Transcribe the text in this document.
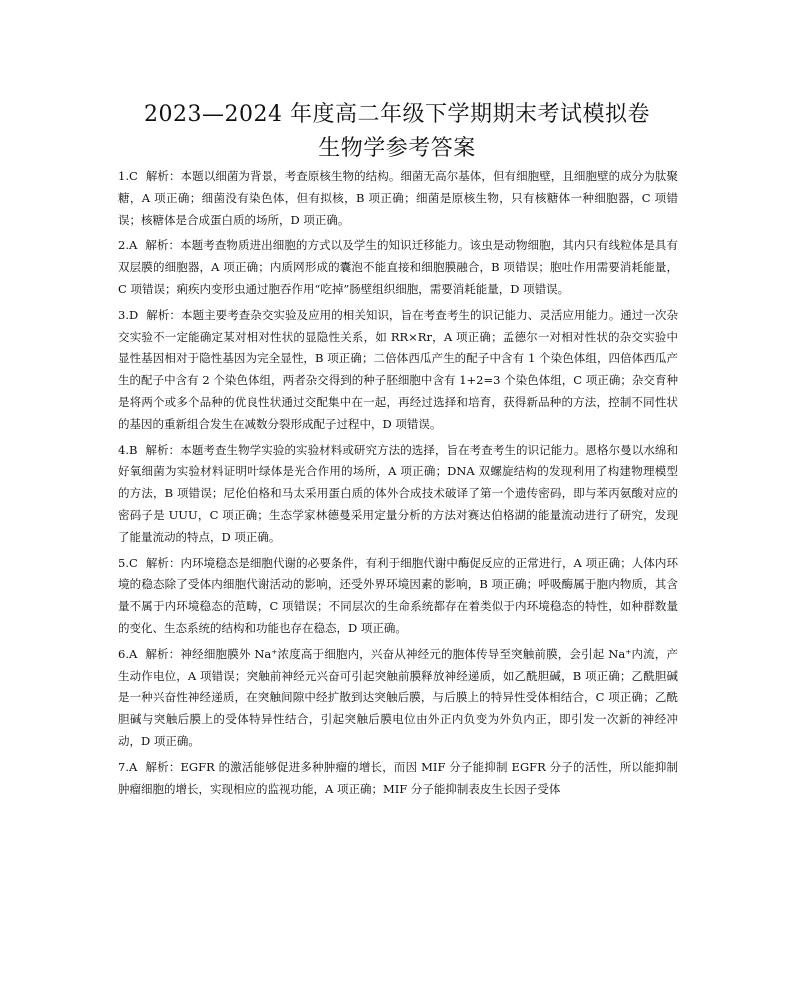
2023—2024 年度高二年级下学期期末考试模拟卷
生物学参考答案

1.C 解析：本题以细菌为背景，考查原核生物的结构。细菌无高尔基体，但有细胞壁，且细胞壁的成分为肽聚糖，A 项正确；细菌没有染色体，但有拟核，B 项正确；细菌是原核生物，只有核糖体一种细胞器，C 项错误；核糖体是合成蛋白质的场所，D 项正确。

2.A 解析：本题考查物质进出细胞的方式以及学生的知识迁移能力。该虫是动物细胞，其内只有线粒体是具有双层膜的细胞器，A 项正确；内质网形成的囊泡不能直接和细胞膜融合，B 项错误；胞吐作用需要消耗能量，C 项错误；痢疾内变形虫通过胞吞作用“吃掉”肠壁组织细胞，需要消耗能量，D 项错误。

3.D 解析：本题主要考查杂交实验及应用的相关知识，旨在考查考生的识记能力、灵活应用能力。通过一次杂交实验不一定能确定某对相对性状的显隐性关系，如 RR×Rr，A 项正确；孟德尔一对相对性状的杂交实验中显性基因相对于隐性基因为完全显性，B 项正确；二倍体西瓜产生的配子中含有 1 个染色体组，四倍体西瓜产生的配子中含有 2 个染色体组，两者杂交得到的种子胚细胞中含有 1+2=3 个染色体组，C 项正确；杂交育种是将两个或多个品种的优良性状通过交配集中在一起，再经过选择和培育，获得新品种的方法，控制不同性状的基因的重新组合发生在减数分裂形成配子过程中，D 项错误。

4.B 解析：本题考查生物学实验的实验材料或研究方法的选择，旨在考查考生的识记能力。恩格尔曼以水绵和好氧细菌为实验材料证明叶绿体是光合作用的场所，A 项正确；DNA 双螺旋结构的发现利用了构建物理模型的方法，B 项错误；尼伦伯格和马太采用蛋白质的体外合成技术破译了第一个遗传密码，即与苯丙氨酸对应的密码子是 UUU，C 项正确；生态学家林德曼采用定量分析的方法对赛达伯格湖的能量流动进行了研究，发现了能量流动的特点，D 项正确。

5.C 解析：内环境稳态是细胞代谢的必要条件，有利于细胞代谢中酶促反应的正常进行，A 项正确；人体内环境的稳态除了受体内细胞代谢活动的影响，还受外界环境因素的影响，B 项正确；呼吸酶属于胞内物质，其含量不属于内环境稳态的范畴，C 项错误；不同层次的生命系统都存在着类似于内环境稳态的特性，如种群数量的变化、生态系统的结构和功能也存在稳态，D 项正确。

6.A 解析：神经细胞膜外 Na⁺浓度高于细胞内，兴奋从神经元的胞体传导至突触前膜，会引起 Na⁺内流，产生动作电位，A 项错误；突触前神经元兴奋可引起突触前膜释放神经递质，如乙酰胆碱，B 项正确；乙酰胆碱是一种兴奋性神经递质，在突触间隙中经扩散到达突触后膜，与后膜上的特异性受体相结合，C 项正确；乙酰胆碱与突触后膜上的受体特异性结合，引起突触后膜电位由外正内负变为外负内正，即引发一次新的神经冲动，D 项正确。

7.A 解析：EGFR 的激活能够促进多种肿瘤的增长，而因 MIF 分子能抑制 EGFR 分子的活性，所以能抑制肿瘤细胞的增长，实现相应的监视功能，A 项正确；MIF 分子能抑制表皮生长因子受体
